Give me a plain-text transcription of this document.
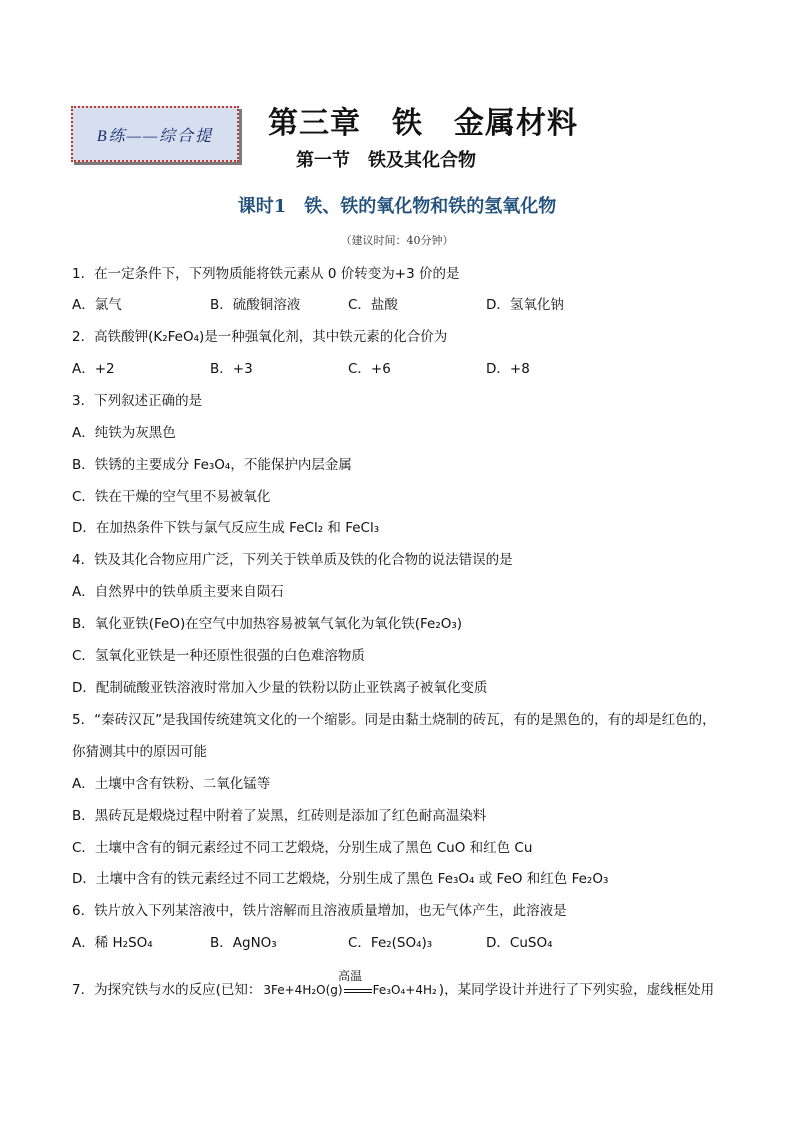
B练——综合提	第三章　铁　金属材料
第一节　铁及其化合物
课时1　铁、铁的氧化物和铁的氢氧化物
（建议时间：40分钟）
1．在一定条件下，下列物质能将铁元素从 0 价转变为+3 价的是
A．氯气	B．硫酸铜溶液	C．盐酸	D．氢氧化钠
2．高铁酸钾(K₂FeO₄)是一种强氧化剂，其中铁元素的化合价为
A．+2	B．+3	C．+6	D．+8
3．下列叙述正确的是
A．纯铁为灰黑色
B．铁锈的主要成分 Fe₃O₄，不能保护内层金属
C．铁在干燥的空气里不易被氧化
D．在加热条件下铁与氯气反应生成 FeCl₂ 和 FeCl₃
4．铁及其化合物应用广泛，下列关于铁单质及铁的化合物的说法错误的是
A．自然界中的铁单质主要来自陨石
B．氧化亚铁(FeO)在空气中加热容易被氧气氧化为氧化铁(Fe₂O₃)
C．氢氧化亚铁是一种还原性很强的白色难溶物质
D．配制硫酸亚铁溶液时常加入少量的铁粉以防止亚铁离子被氧化变质
5．“秦砖汉瓦”是我国传统建筑文化的一个缩影。同是由黏土烧制的砖瓦，有的是黑色的，有的却是红色的，
你猜测其中的原因可能
A．土壤中含有铁粉、二氧化锰等
B．黑砖瓦是煅烧过程中附着了炭黑，红砖则是添加了红色耐高温染料
C．土壤中含有的铜元素经过不同工艺煅烧，分别生成了黑色 CuO 和红色 Cu
D．土壤中含有的铁元素经过不同工艺煅烧，分别生成了黑色 Fe₃O₄ 或 FeO 和红色 Fe₂O₃
6．铁片放入下列某溶液中，铁片溶解而且溶液质量增加，也无气体产生，此溶液是
A．稀 H₂SO₄	B．AgNO₃	C．Fe₂(SO₄)₃	D．CuSO₄
7．为探究铁与水的反应(已知： 3Fe+4H₂O(g)
高温
Fe₃O₄+4H₂ )，某同学设计并进行了下列实验，虚线框处用
